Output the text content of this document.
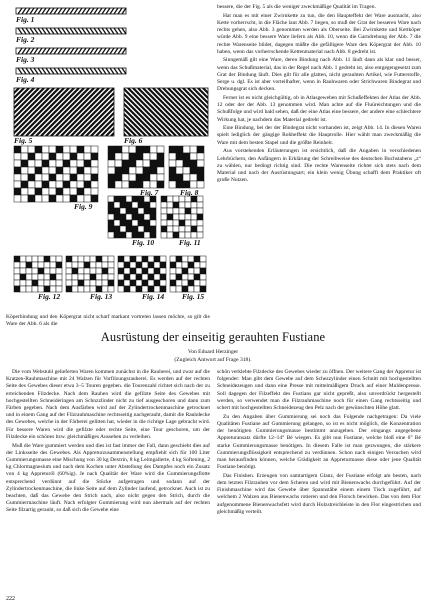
Fig. 1
Fig. 2
Fig. 3
Fig. 4
Fig. 5	Fig. 6
Fig. 7	Fig. 8
Fig. 9
Fig. 10	Fig. 11
Fig. 12	Fig. 13	Fig. 14 Fig. 15

Köperbindung und den Köpergrat nicht scharf markant vortreten lassen möchte, so gilt die Ware der Abb. 6 als die

bessere, die der Fig. 5 als die weniger zweckmäßige Qualität im Tragen.

Hat man es mit einer Zwirnkette zu tun, die den Haupteffekt der Ware ausmacht, also Kette vorherrscht, in die Fläche laut Abb. 7 liegen, so muß der Grat der besseren Ware nach rechts gehen, also Abb. 3 genommen werden als Oberseite. Bei Zwirnkette und Kettköper würde Abb. 9 eine bessere Ware liefern als Abb. 10, wenn die Garndrehung der Abb. 7 die rechte Warenseite bildet, dagegen müßte die gefälligere Ware den Köpergrat der Abb. 10 haben, wenn das vorherrschende Kettenmaterial nach Abb. 8 gedreht ist.

Sinngemäß gilt eine Ware, deren Bindung nach Abb. 11 läuft dann als klar und besser, wenn das Schußmaterial, das in der Regel nach Abb. 1 gedreht ist, also entgegengesetzt zum Grat der Bindung läuft. Dies gilt für alle glatten, nicht gerauhten Artikel, wie Futterstoffe, Serge u. dgl. Es ist aber vorteilhafter, wenn in Rauhwaren oder Strichwaren Bindegrat und Drehungsgrat sich decken.

Ferner ist es nicht gleichgültig, ob in Atlasgeweben mit Schußeffekten der Atlas der Abb. 12 oder der der Abb. 13 genommen wird. Man achte auf die Fluüreichtungen und die Schußfolge und wird bald sehen, daß der eine Atlas eine bessere, der andere eine schlechtere Wirkung hat, je nachdem das Material gedreht ist.

Eine Bindung, bei der der Bindegrat nicht vorhanden ist, zeigt Abb. 14. In diesen Waren spielt lediglich der gängige Rohheffekt die Hauptrolle. Hier wählt man zweckmäßig die Ware mit dem besten Stapel und die größte Reinheit.

Aus vorstehenden Erläuterungen ist ersichtlich, daß die Angaben in verschiedenen Lehrbüchern, den Anfängern in Erklärung der Schreibweise des deutschen Buchstabens „z“ zu wählen, nur bedingt richtig sind. Die rechte Warenseite richtet sich stets nach dem Material und nach der Ausrüstungsart; ein klein wenig Übung schafft dem Praktiker oft große Nutzen.

Ausrüstung der einseitig gerauhten Fustiane
Von Eduard Herzinger
(Zugleich Antwort auf Frage 318).

Die vom Webstuhl gelieferten Waren kommen zunächst in die Rauherei, und zwar auf die Kratzen-Rauhmaschine mit 24 Walzen für Vorfilzungsrauherei. Es werden auf der rechten Seite des Gewebes dieser etwa 3–5 Touren gegeben. die Tourenzahl richtet sich nach der zu erreichenden Filzdecke. Nach dem Rauhen wird die gefilzte Seite des Gewebes mit hochgestellten Schneideringen am Schnzzlinder nicht zu tief ausgeschoren und dann zum Färben gegeben. Nach dem Ausfärben wird auf der Zylindertrockenmaschine getrocknet und in einem Gang auf der Filzrauhmaschine rechtsseitig nachgerauht, damit die Rauhdecke des Gewebes, welche in der Färberei gelitten hat, wieder in die richtige Lage gebracht wird. Für bessere Waren wird die gefilzte oder rechte Seite, eine Tour geschoren, um der Filzdecke ein schönes bzw. gleichmäßiges Aussehen zu verleihen.

Muß die Ware gummiert werden und dies ist fast immer der Fall, dann geschieht dies auf der Linksseite des Gewebes. Als Appreturzusammenstellung empfiehlt sich für 100 Liter Gummierungsmasse eine Mischung von 30 kg Dextrin, 8 kg Leimgallerte, 4 kg Softening, 2 kg Chlormagnesium und nach dem Kochen unter Abstellung des Dampfes noch ein Zusatz von 4 kg Appreturöl (60%ig). Je nach Qualität der Ware wird die Gummierungsflotte entsprechend verdünnt auf die Stücke aufgetragen und sodann auf der Zylindertrockenmaschine, die linke Seite auf dem Zylinder laufend, getrocknet. Auch ist zu beachten, daß das Gewebe den Strich nach, also nicht gegen den Strich, durch die Gummiermaschine läuft. Nach erfolgter Gummierung wird nun abermals auf der rechten Seite filzartig gerauht, so daß sich die Gewebe eine

schön verklebte Filzdecke des Gewebes wieder zu öffnen. Der weitere Gang der Appretur ist folgender: Man gibt dem Gewebe auf dem Schezzylinder einen Schnitt mit hochgestellten Schneidezeugen und dann eine Presse mit mittelmäßigem Druck auf einer Muldenpresse. Soll dagegen der Filzeffekt des Fustians gar nicht gepreßt, also unverdrückt hergestellt werden, so verwendet man die Filzrauhmaschine noch für einen Gang rechtsseitig und schert mit hochgestellten Schneidezeug den Pelz nach der gewünschten Höhe glatt.

Zu den Angaben über Gummierung sei noch das Folgende nachgetragen: Da viele Qualitäten Fustiane auf Gummierung gelangen, so ist es nicht möglich, die Konzentration der benötigten Gummierungsmasse bestimmt anzugeben. Der eingangs angegebene Appreturansatz dürfte 12–14° Bé wiegen. Es gibt nun Fustiane, welche bloß eine 6° Bé starke Gummierungsmasse benötigen. In diesem Falle ist man gezwungen, die stärkere Gummierungsflüssigkeit entsprechend zu verdünnen. Schon nach einigen Versuchen wird man herausfinden können, welche Grädigkeit an Appreturmasse diese oder jene Qualität Fustiane benötigt.

Das Finishen. Erzeugen von samtartigem Glanz, der Fustiane erfolgt am besten, nach dem letzten Filzrauhen vor dem Scheren und wird mit Bienenwachs durchgeführt. Auf der Finishmaschine wird das Gewebe über Spannstäbe einem einem Tisch zugeführt, auf welchem 2 Walzen aus Bienenwachs rotieren und den Florsch bewirken. Das von dem Flor aufgenommene Bienenwachsfett wird durch Holzstreichleiste in den Flor eingestrichen und gleichmäßig verteilt.

222
